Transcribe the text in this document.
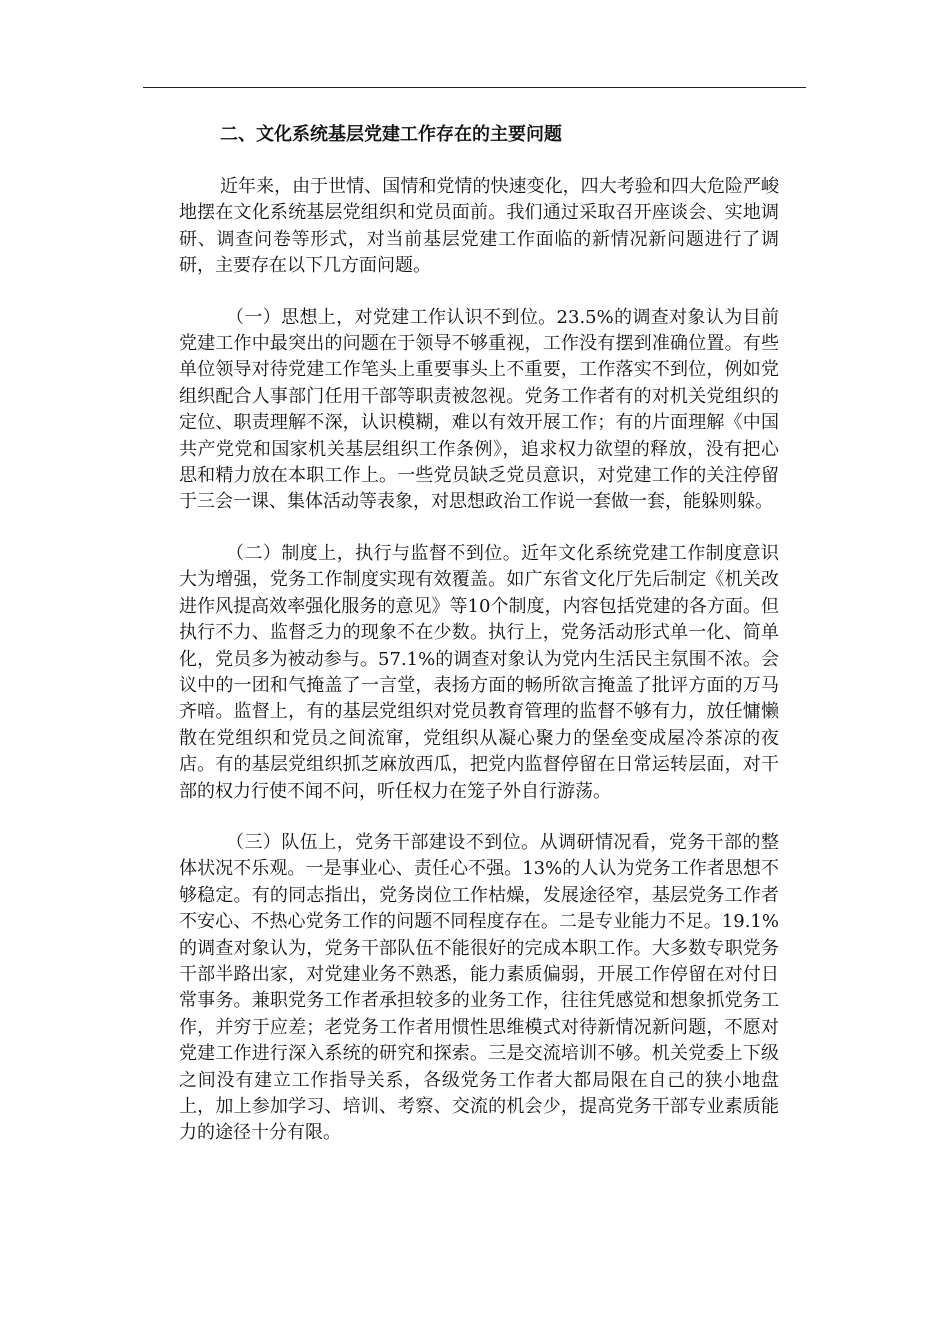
二、文化系统基层党建工作存在的主要问题

近年来，由于世情、国情和党情的快速变化，四大考验和四大危险严峻地摆在文化系统基层党组织和党员面前。我们通过采取召开座谈会、实地调研、调查问卷等形式，对当前基层党建工作面临的新情况新问题进行了调研，主要存在以下几方面问题。

（一）思想上，对党建工作认识不到位。23.5%的调查对象认为目前党建工作中最突出的问题在于领导不够重视，工作没有摆到准确位置。有些单位领导对待党建工作笔头上重要事头上不重要，工作落实不到位，例如党组织配合人事部门任用干部等职责被忽视。党务工作者有的对机关党组织的定位、职责理解不深，认识模糊，难以有效开展工作；有的片面理解《中国共产党党和国家机关基层组织工作条例》，追求权力欲望的释放，没有把心思和精力放在本职工作上。一些党员缺乏党员意识，对党建工作的关注停留于三会一课、集体活动等表象，对思想政治工作说一套做一套，能躲则躲。

（二）制度上，执行与监督不到位。近年文化系统党建工作制度意识大为增强，党务工作制度实现有效覆盖。如广东省文化厅先后制定《机关改进作风提高效率强化服务的意见》等10个制度，内容包括党建的各方面。但执行不力、监督乏力的现象不在少数。执行上，党务活动形式单一化、简单化，党员多为被动参与。57.1%的调查对象认为党内生活民主氛围不浓。会议中的一团和气掩盖了一言堂，表扬方面的畅所欲言掩盖了批评方面的万马齐喑。监督上，有的基层党组织对党员教育管理的监督不够有力，放任慵懒散在党组织和党员之间流窜，党组织从凝心聚力的堡垒变成屋冷茶凉的夜店。有的基层党组织抓芝麻放西瓜，把党内监督停留在日常运转层面，对干部的权力行使不闻不问，听任权力在笼子外自行游荡。

（三）队伍上，党务干部建设不到位。从调研情况看，党务干部的整体状况不乐观。一是事业心、责任心不强。13%的人认为党务工作者思想不够稳定。有的同志指出，党务岗位工作枯燥，发展途径窄，基层党务工作者不安心、不热心党务工作的问题不同程度存在。二是专业能力不足。19.1%的调查对象认为，党务干部队伍不能很好的完成本职工作。大多数专职党务干部半路出家，对党建业务不熟悉，能力素质偏弱，开展工作停留在对付日常事务。兼职党务工作者承担较多的业务工作，往往凭感觉和想象抓党务工作，并穷于应差；老党务工作者用惯性思维模式对待新情况新问题，不愿对党建工作进行深入系统的研究和探索。三是交流培训不够。机关党委上下级之间没有建立工作指导关系，各级党务工作者大都局限在自己的狭小地盘上，加上参加学习、培训、考察、交流的机会少，提高党务干部专业素质能力的途径十分有限。
